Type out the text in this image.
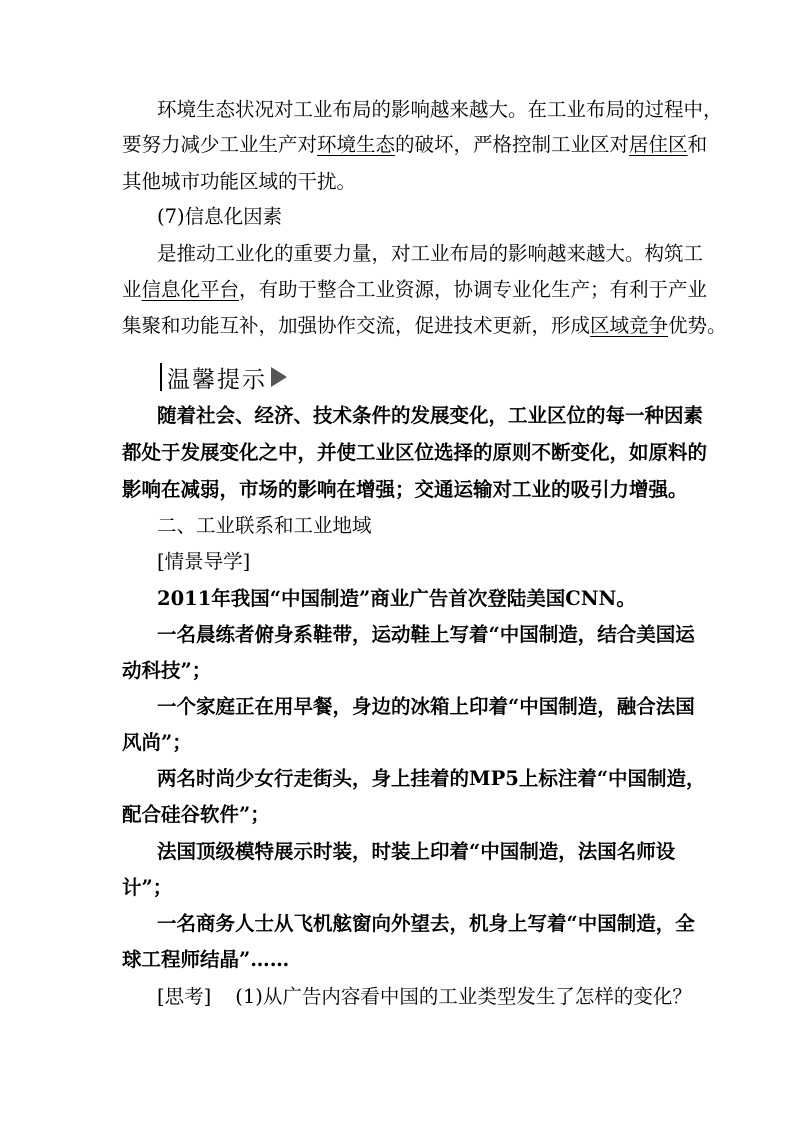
环境生态状况对工业布局的影响越来越大。在工业布局的过程中，
要努力减少工业生产对环境生态的破坏，严格控制工业区对居住区和
其他城市功能区域的干扰。
(7)信息化因素
是推动工业化的重要力量，对工业布局的影响越来越大。构筑工
业信息化平台，有助于整合工业资源，协调专业化生产；有利于产业
集聚和功能互补，加强协作交流，促进技术更新，形成区域竞争优势。
温馨提示
随着社会、经济、技术条件的发展变化，工业区位的每一种因素
都处于发展变化之中，并使工业区位选择的原则不断变化，如原料的
影响在减弱，市场的影响在增强；交通运输对工业的吸引力增强。
二、工业联系和工业地域
[情景导学]
2011年我国“中国制造”商业广告首次登陆美国CNN。
一名晨练者俯身系鞋带，运动鞋上写着“中国制造，结合美国运
动科技”；
一个家庭正在用早餐，身边的冰箱上印着“中国制造，融合法国
风尚”；
两名时尚少女行走街头，身上挂着的MP5上标注着“中国制造，
配合硅谷软件”；
法国顶级模特展示时装，时装上印着“中国制造，法国名师设
计”；
一名商务人士从飞机舷窗向外望去，机身上写着“中国制造，全
球工程师结晶”……
[思考] (1)从广告内容看中国的工业类型发生了怎样的变化？
